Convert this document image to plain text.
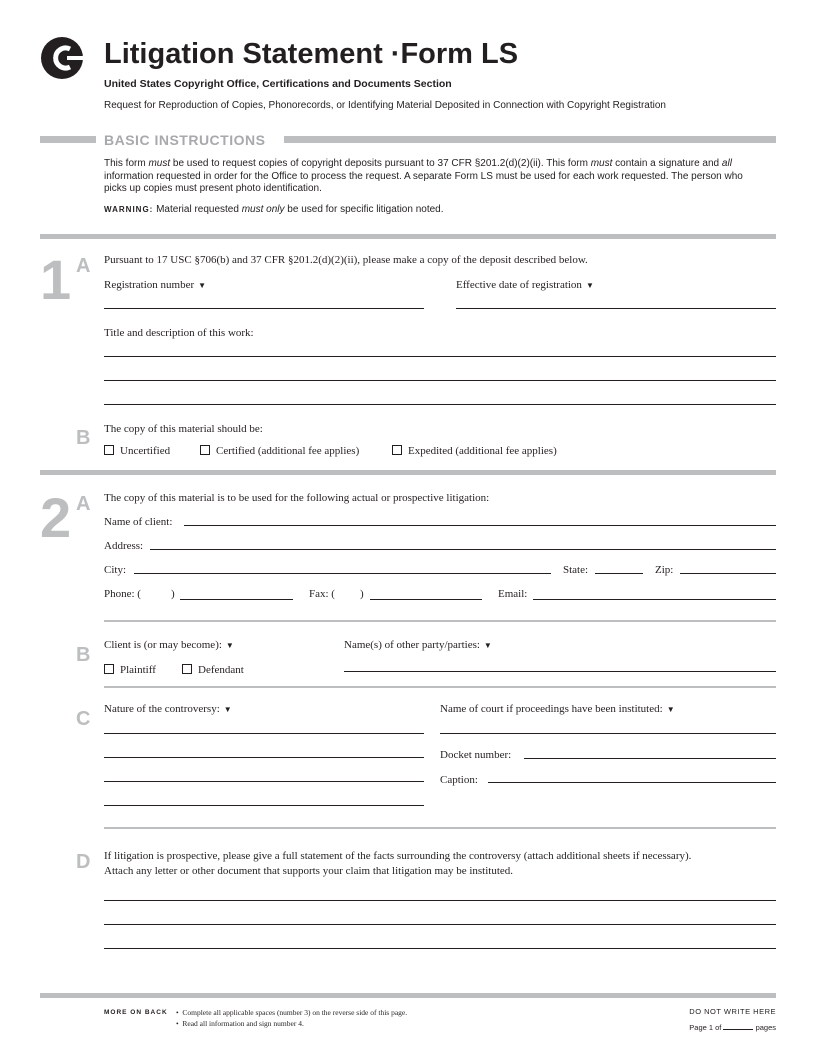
Litigation Statement ·Form LS
United States Copyright Office, Certifications and Documents Section
Request for Reproduction of Copies, Phonorecords, or Identifying Material Deposited in Connection with Copyright Registration
BASIC INSTRUCTIONS
This form must be used to request copies of copyright deposits pursuant to 37 CFR §201.2(d)(2)(ii). This form must contain a signature and all information requested in order for the Office to process the request. A separate Form LS must be used for each work requested. The person who picks up copies must present photo identification.
WARNING: Material requested must only be used for specific litigation noted.
1 A Pursuant to 17 USC §706(b) and 37 CFR §201.2(d)(2)(ii), please make a copy of the deposit described below.
Registration number ▼	Effective date of registration ▼
Title and description of this work:
B The copy of this material should be:
Uncertified	Certified (additional fee applies)	Expedited (additional fee applies)
2 A The copy of this material is to be used for the following actual or prospective litigation:
Name of client:
Address:
City:	State:	Zip:
Phone: (	)	Fax: ( )	Email:
B Client is (or may become): ▼	Name(s) of other party/parties: ▼
Plaintiff	Defendant
C Nature of the controversy: ▼	Name of court if proceedings have been instituted: ▼
Docket number:
Caption:
D If litigation is prospective, please give a full statement of the facts surrounding the controversy (attach additional sheets if necessary).
Attach any letter or other document that supports your claim that litigation may be instituted.
MORE ON BACK •  Complete all applicable spaces (number 3) on the reverse side of this page.
•  Read all information and sign number 4.
DO NOT WRITE HERE
Page 1 of	pages
